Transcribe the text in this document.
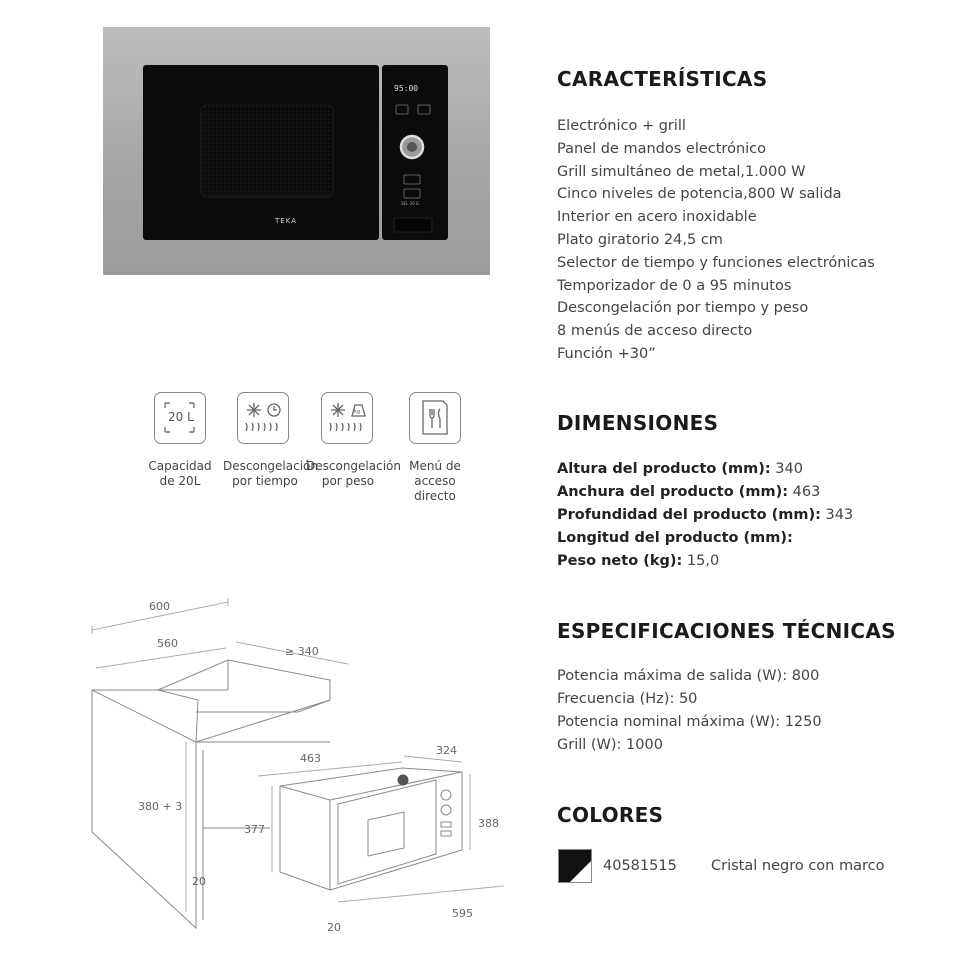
TEKA
95:00
SEL 20 G
20 L	kg
Capacidad
de 20L
Descongelación
por tiempo
Descongelación
por peso
Menú de
acceso
directo
600
560
≥ 340
380 + 3
377
20
463
324
388
595
20
CARACTERÍSTICAS
Electrónico + grill
Panel de mandos electrónico
Grill simultáneo de metal,1.000 W
Cinco niveles de potencia,800 W salida
Interior en acero inoxidable
Plato giratorio 24,5 cm
Selector de tiempo y funciones electrónicas
Temporizador de 0 a 95 minutos
Descongelación por tiempo y peso
8 menús de acceso directo
Función +30”
DIMENSIONES
Altura del producto (mm): 340
Anchura del producto (mm): 463
Profundidad del producto (mm): 343
Longitud del producto (mm):
Peso neto (kg): 15,0
ESPECIFICACIONES TÉCNICAS
Potencia máxima de salida (W): 800
Frecuencia (Hz): 50
Potencia nominal máxima (W): 1250
Grill (W): 1000
COLORES
40581515 Cristal negro con marco
